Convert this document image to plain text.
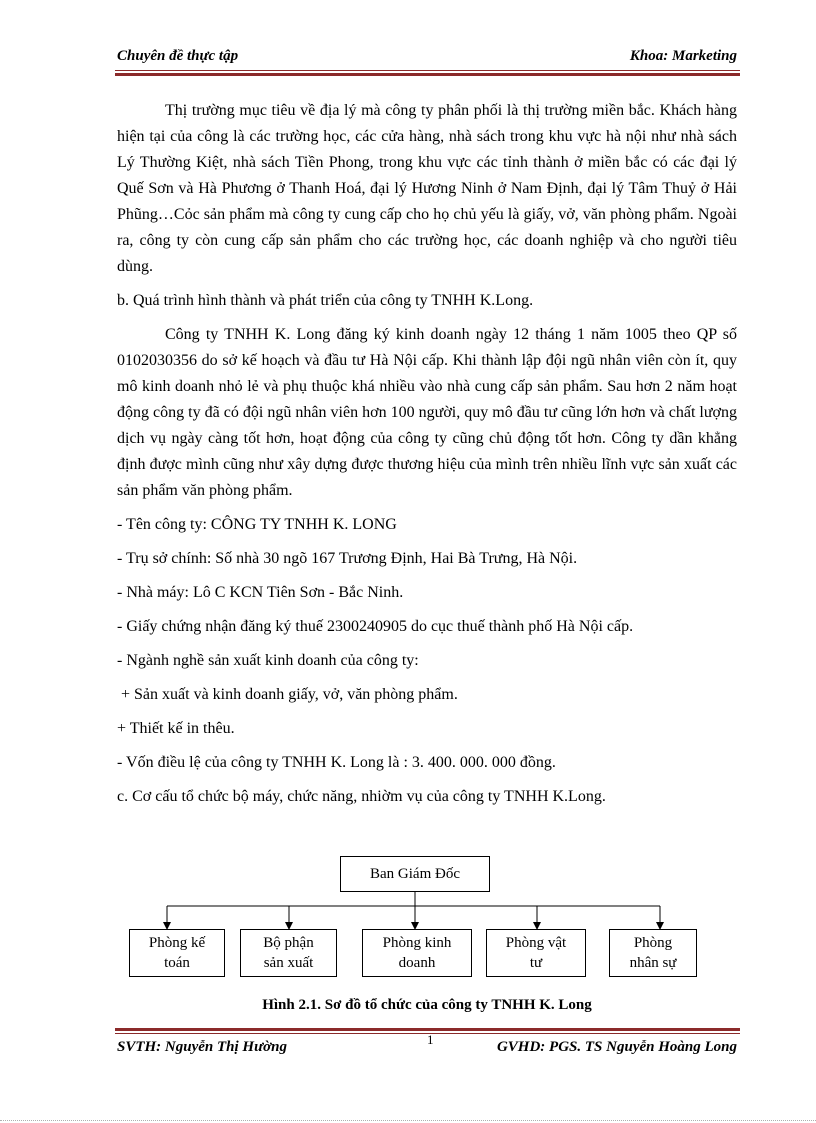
Chuyên đề thực tập	Khoa: Marketing

Thị trường mục tiêu về địa lý mà công ty phân phối là thị trường miền bắc. Khách hàng hiện tại của công là các trường học, các cửa hàng, nhà sách trong khu vực hà nội như nhà sách Lý Thường Kiệt, nhà sách Tiền Phong, trong khu vực các tỉnh thành ở miền bắc có các đại lý Quế Sơn và Hà Phương ở Thanh Hoá, đại lý Hương Ninh ở Nam Định, đại lý Tâm Thuỷ ở Hải Phũng…Cỏc sản phẩm mà công ty cung cấp cho họ chủ yếu là giấy, vở, văn phòng phẩm. Ngoài ra, công ty còn cung cấp sản phẩm cho các trường học, các doanh nghiệp và cho người tiêu dùng.

b. Quá trình hình thành và phát triển của công ty TNHH K.Long.

Công ty TNHH K. Long đăng ký kinh doanh ngày 12 tháng 1 năm 1005 theo QP số 0102030356 do sở kế hoạch và đầu tư Hà Nội cấp. Khi thành lập đội ngũ nhân viên còn ít, quy mô kinh doanh nhỏ lẻ và phụ thuộc khá nhiều vào nhà cung cấp sản phẩm. Sau hơn 2 năm hoạt động công ty đã có đội ngũ nhân viên hơn 100 người, quy mô đầu tư cũng lớn hơn và chất lượng dịch vụ ngày càng tốt hơn, hoạt động của công ty cũng chủ động tốt hơn. Công ty dần khẳng định được mình cũng như xây dựng được thương hiệu của mình trên nhiều lĩnh vực sản xuất các sản phẩm văn phòng phẩm.

- Tên công ty: CÔNG TY TNHH K. LONG

- Trụ sở chính: Số nhà 30 ngõ 167 Trương Định, Hai Bà Trưng, Hà Nội.

- Nhà máy: Lô C KCN Tiên Sơn - Bắc Ninh.

- Giấy chứng nhận đăng ký thuế 2300240905 do cục thuế thành phố Hà Nội cấp.

- Ngành nghề sản xuất kinh doanh của công ty:

+ Sản xuất và kinh doanh giấy, vở, văn phòng phẩm.

+ Thiết kế in thêu.

- Vốn điều lệ của công ty TNHH K. Long là : 3. 400. 000. 000 đồng.

c. Cơ cấu tổ chức bộ máy, chức năng, nhiờm vụ của công ty TNHH K.Long.

Ban Giám Đốc
Phòng kế
toán
Bộ phận
sản xuất
Phòng kinh
doanh
Phòng vật
tư
Phòng
nhân sự
Hình 2.1. Sơ đồ tổ chức của công ty TNHH K. Long
1
SVTH: Nguyễn Thị Hường	GVHD: PGS. TS Nguyễn Hoàng Long
